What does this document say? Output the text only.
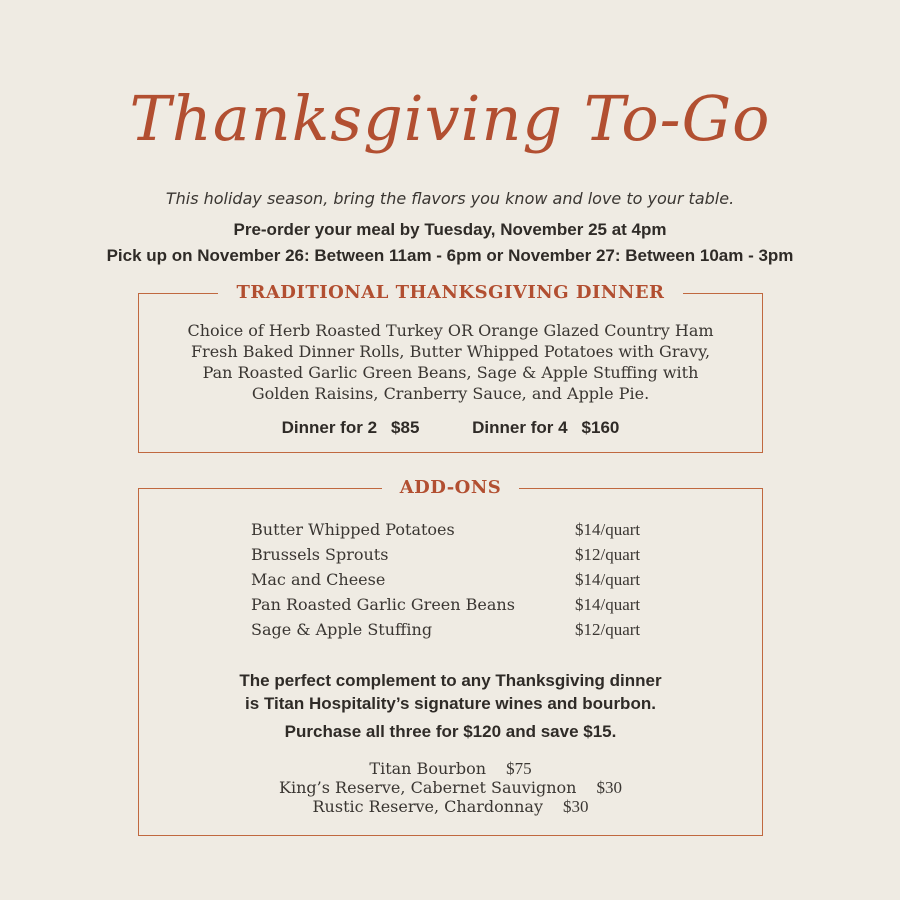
Thanksgiving To-Go
This holiday season, bring the flavors you know and love to your table.
Pre-order your meal by Tuesday, November 25 at 4pm
Pick up on November 26: Between 11am - 6pm or November 27: Between 10am - 3pm
TRADITIONAL THANKSGIVING DINNER
Choice of Herb Roasted Turkey OR Orange Glazed Country Ham
Fresh Baked Dinner Rolls, Butter Whipped Potatoes with Gravy,
Pan Roasted Garlic Green Beans, Sage & Apple Stuffing with
Golden Raisins, Cranberry Sauce, and Apple Pie.
Dinner for 2 $85	Dinner for 4 $160
ADD-ONS
Butter Whipped Potatoes	$14/quart
Brussels Sprouts	$12/quart
Mac and Cheese	$14/quart
Pan Roasted Garlic Green Beans	$14/quart
Sage & Apple Stuffing	$12/quart
The perfect complement to any Thanksgiving dinner
is Titan Hospitality’s signature wines and bourbon.
Purchase all three for $120 and save $15.
Titan Bourbon $75
King’s Reserve, Cabernet Sauvignon $30
Rustic Reserve, Chardonnay $30
